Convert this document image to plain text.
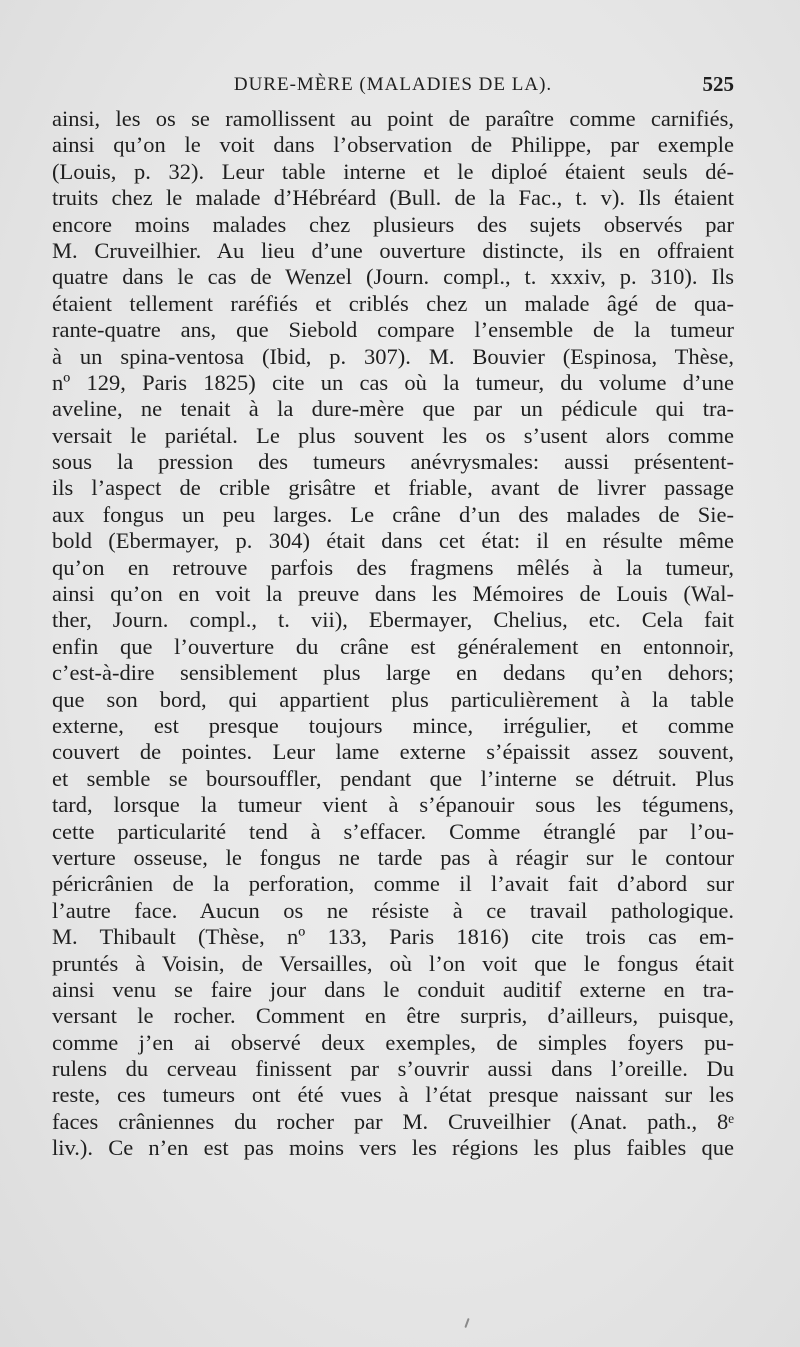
DURE-MÈRE (MALADIES DE LA).	525
ainsi, les os se ramollissent au point de paraître comme carnifiés,
ainsi qu’on le voit dans l’observation de Philippe, par exemple
(Louis, p. 32). Leur table interne et le diploé étaient seuls dé-
truits chez le malade d’Hébréard (Bull. de la Fac., t. v). Ils étaient
encore moins malades chez plusieurs des sujets observés par
M. Cruveilhier. Au lieu d’une ouverture distincte, ils en offraient
quatre dans le cas de Wenzel (Journ. compl., t. xxxiv, p. 310). Ils
étaient tellement raréfiés et criblés chez un malade âgé de qua-
rante-quatre ans, que Siebold compare l’ensemble de la tumeur
à un spina-ventosa (Ibid, p. 307). M. Bouvier (Espinosa, Thèse,
nº 129, Paris 1825) cite un cas où la tumeur, du volume d’une
aveline, ne tenait à la dure-mère que par un pédicule qui tra-
versait le pariétal. Le plus souvent les os s’usent alors comme
sous la pression des tumeurs anévrysmales: aussi présentent-
ils l’aspect de crible grisâtre et friable, avant de livrer passage
aux fongus un peu larges. Le crâne d’un des malades de Sie-
bold (Ebermayer, p. 304) était dans cet état: il en résulte même
qu’on en retrouve parfois des fragmens mêlés à la tumeur,
ainsi qu’on en voit la preuve dans les Mémoires de Louis (Wal-
ther, Journ. compl., t. vii), Ebermayer, Chelius, etc. Cela fait
enfin que l’ouverture du crâne est généralement en entonnoir,
c’est-à-dire sensiblement plus large en dedans qu’en dehors;
que son bord, qui appartient plus particulièrement à la table
externe, est presque toujours mince, irrégulier, et comme
couvert de pointes. Leur lame externe s’épaissit assez souvent,
et semble se boursouffler, pendant que l’interne se détruit. Plus
tard, lorsque la tumeur vient à s’épanouir sous les tégumens,
cette particularité tend à s’effacer. Comme étranglé par l’ou-
verture osseuse, le fongus ne tarde pas à réagir sur le contour
péricrânien de la perforation, comme il l’avait fait d’abord sur
l’autre face. Aucun os ne résiste à ce travail pathologique.
M. Thibault (Thèse, nº 133, Paris 1816) cite trois cas em-
pruntés à Voisin, de Versailles, où l’on voit que le fongus était
ainsi venu se faire jour dans le conduit auditif externe en tra-
versant le rocher. Comment en être surpris, d’ailleurs, puisque,
comme j’en ai observé deux exemples, de simples foyers pu-
rulens du cerveau finissent par s’ouvrir aussi dans l’oreille. Du
reste, ces tumeurs ont été vues à l’état presque naissant sur les
faces crâniennes du rocher par M. Cruveilhier (Anat. path., 8ᵉ
liv.). Ce n’en est pas moins vers les régions les plus faibles que
